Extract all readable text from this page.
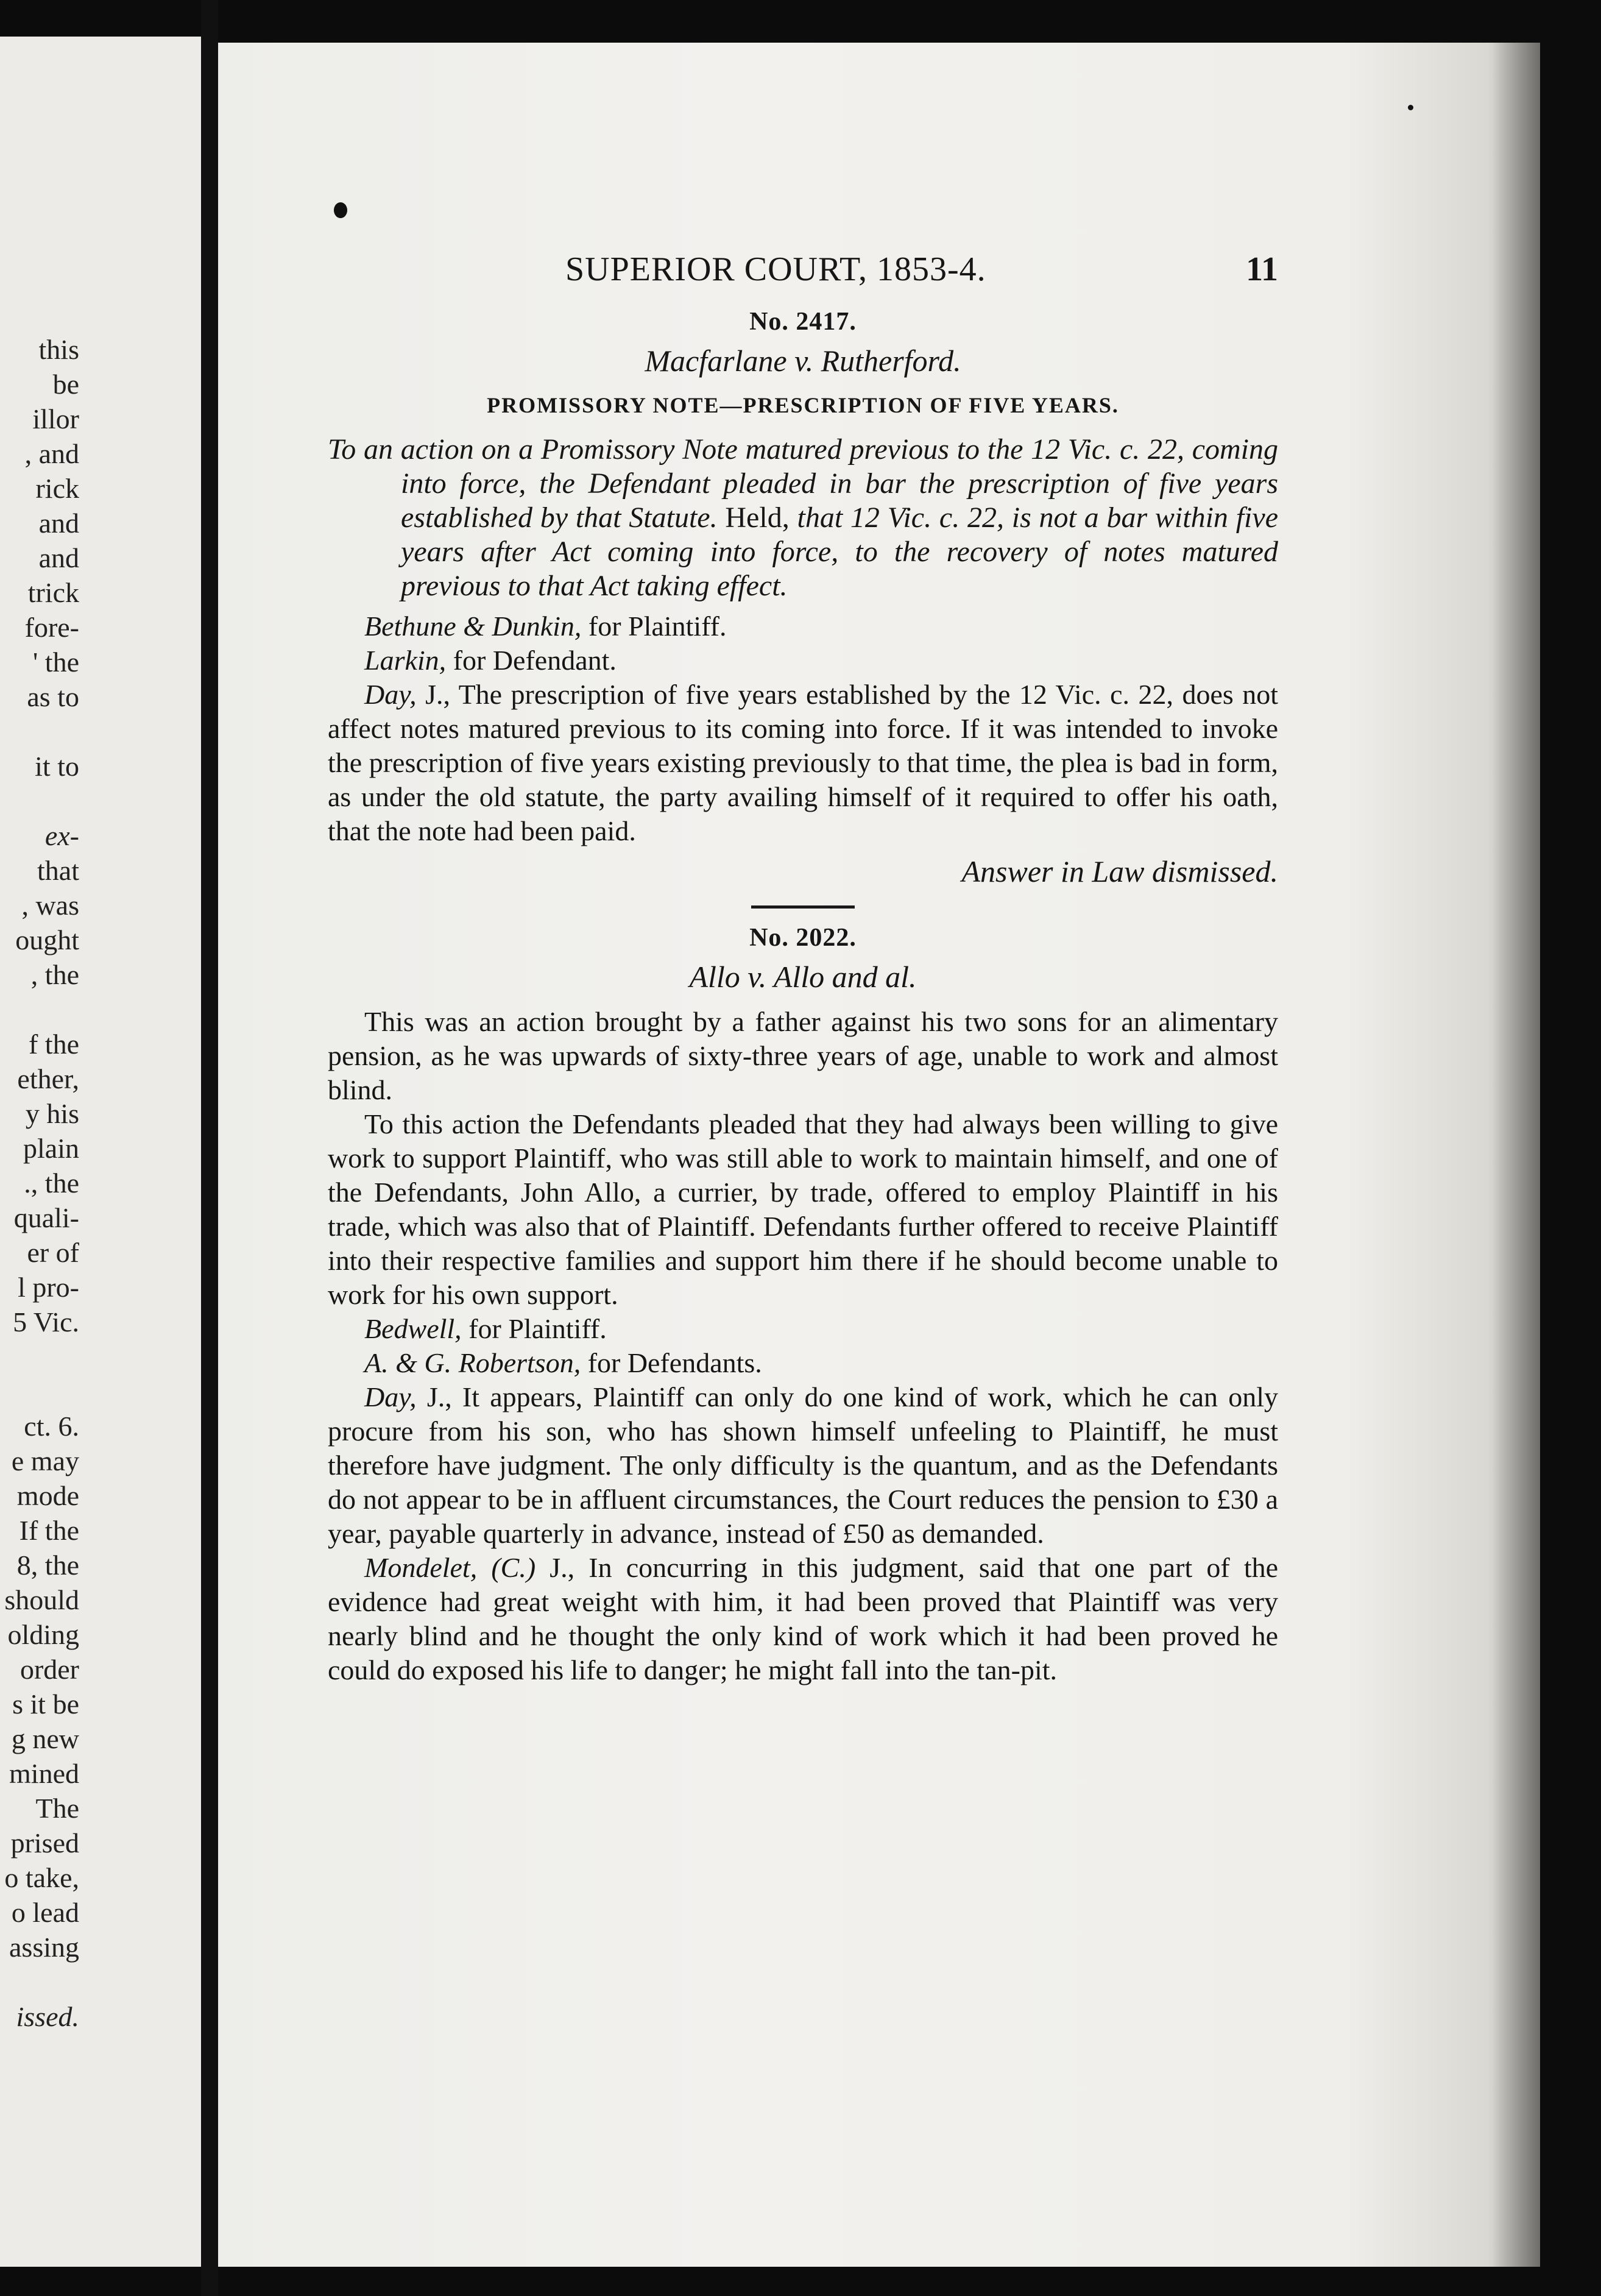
this
be
illor
, and
rick
and
and
trick
fore-
' the
as to
it to
ex-
that
, was
ought
, the
f the
ether,
y his
plain
., the
quali-
er of
l pro-
5 Vic.
ct. 6.
e may
mode
If the
8, the
should
olding
order
s it be
g new
mined
The
prised
o take,
o lead
assing
issed.
SUPERIOR COURT, 1853-4.	11
No. 2417.
Macfarlane v. Rutherford.
PROMISSORY NOTE—PRESCRIPTION OF FIVE YEARS.
To an action on a Promissory Note matured previous to the 12 Vic. c. 22, coming into force, the Defendant pleaded in bar the prescription of five years established by that Statute. Held, that 12 Vic. c. 22, is not a bar within five years after Act coming into force, to the recovery of notes matured previous to that Act taking effect.

Bethune & Dunkin, for Plaintiff.

Larkin, for Defendant.

Day, J., The prescription of five years established by the 12 Vic. c. 22, does not affect notes matured previous to its coming into force. If it was intended to invoke the prescription of five years existing previously to that time, the plea is bad in form, as under the old statute, the party availing himself of it required to offer his oath, that the note had been paid.

Answer in Law dismissed.
No. 2022.
Allo v. Allo and al.

This was an action brought by a father against his two sons for an alimentary pension, as he was upwards of sixty-three years of age, unable to work and almost blind.

To this action the Defendants pleaded that they had always been willing to give work to support Plaintiff, who was still able to work to maintain himself, and one of the Defendants, John Allo, a currier, by trade, offered to employ Plaintiff in his trade, which was also that of Plaintiff. Defendants further offered to receive Plaintiff into their respective families and support him there if he should become unable to work for his own support.

Bedwell, for Plaintiff.

A. & G. Robertson, for Defendants.

Day, J., It appears, Plaintiff can only do one kind of work, which he can only procure from his son, who has shown himself unfeeling to Plaintiff, he must therefore have judgment. The only difficulty is the quantum, and as the Defendants do not appear to be in affluent circumstances, the Court reduces the pension to £30 a year, payable quarterly in advance, instead of £50 as demanded.

Mondelet, (C.) J., In concurring in this judgment, said that one part of the evidence had great weight with him, it had been proved that Plaintiff was very nearly blind and he thought the only kind of work which it had been proved he could do exposed his life to danger; he might fall into the tan-pit.
